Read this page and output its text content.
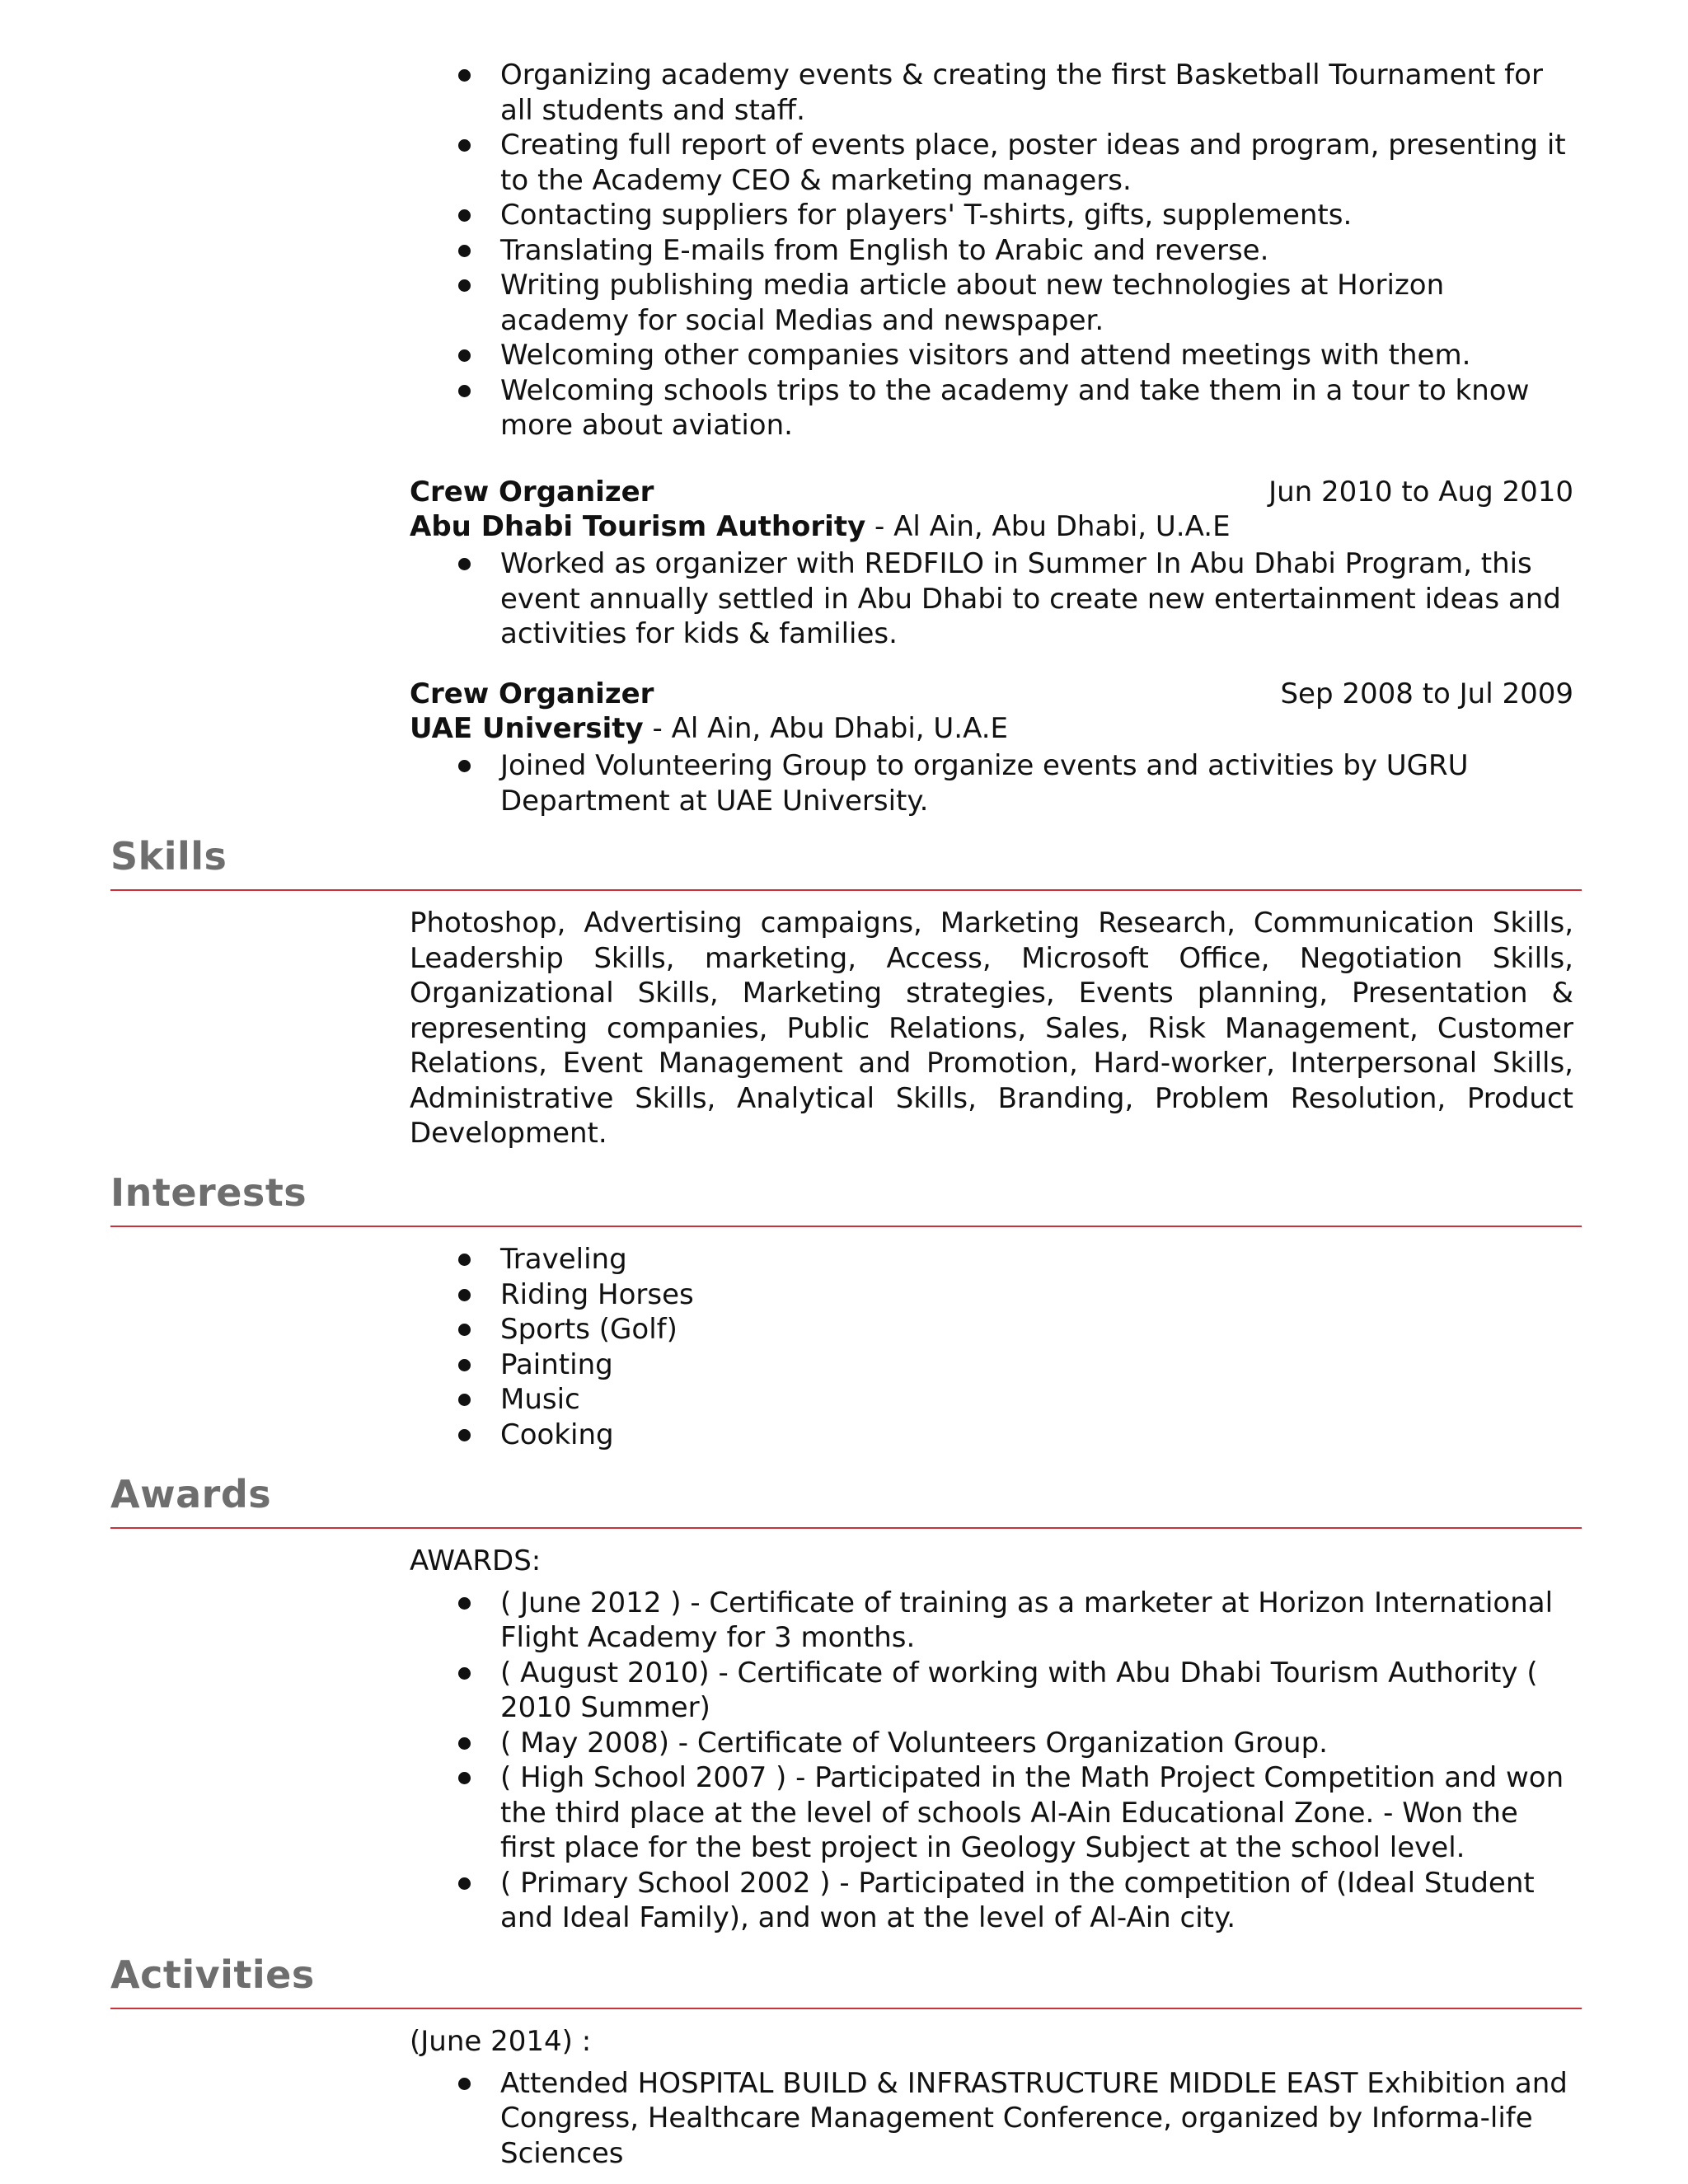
Organizing academy events & creating the first Basketball Tournament for all students and staff.
Creating full report of events place, poster ideas and program, presenting it to the Academy CEO & marketing managers.
Contacting suppliers for players' T-shirts, gifts, supplements.
Translating E-mails from English to Arabic and reverse.
Writing publishing media article about new technologies at Horizon academy for social Medias and newspaper.
Welcoming other companies visitors and attend meetings with them.
Welcoming schools trips to the academy and take them in a tour to know more about aviation.
Crew Organizer	Jun 2010 to Aug 2010
Abu Dhabi Tourism Authority - Al Ain, Abu Dhabi, U.A.E
Worked as organizer with REDFILO in Summer In Abu Dhabi Program, this event annually settled in Abu Dhabi to create new entertainment ideas and activities for kids & families.
Crew Organizer	Sep 2008 to Jul 2009
UAE University - Al Ain, Abu Dhabi, U.A.E
Joined Volunteering Group to organize events and activities by UGRU Department at UAE University.
Skills
Photoshop, Advertising campaigns, Marketing Research, Communication Skills, Leadership Skills, marketing, Access, Microsoft Office, Negotiation Skills, Organizational Skills, Marketing strategies, Events planning, Presentation & representing companies, Public Relations, Sales, Risk Management, Customer Relations, Event Management and Promotion, Hard-worker, Interpersonal Skills, Administrative Skills, Analytical Skills, Branding, Problem Resolution, Product Development.
Interests
Traveling
Riding Horses
Sports (Golf)
Painting
Music
Cooking
Awards

AWARDS:

( June 2012 ) - Certificate of training as a marketer at Horizon International Flight Academy for 3 months.
( August 2010) - Certificate of working with Abu Dhabi Tourism Authority ( 2010 Summer)
( May 2008) - Certificate of Volunteers Organization Group.
( High School 2007 ) - Participated in the Math Project Competition and won the third place at the level of schools Al-Ain Educational Zone. - Won the first place for the best project in Geology Subject at the school level.
( Primary School 2002 ) - Participated in the competition of (Ideal Student and Ideal Family), and won at the level of Al-Ain city.
Activities

(June 2014) :

Attended HOSPITAL BUILD & INFRASTRUCTURE MIDDLE EAST Exhibition and Congress, Healthcare Management Conference, organized by Informa-life Sciences
